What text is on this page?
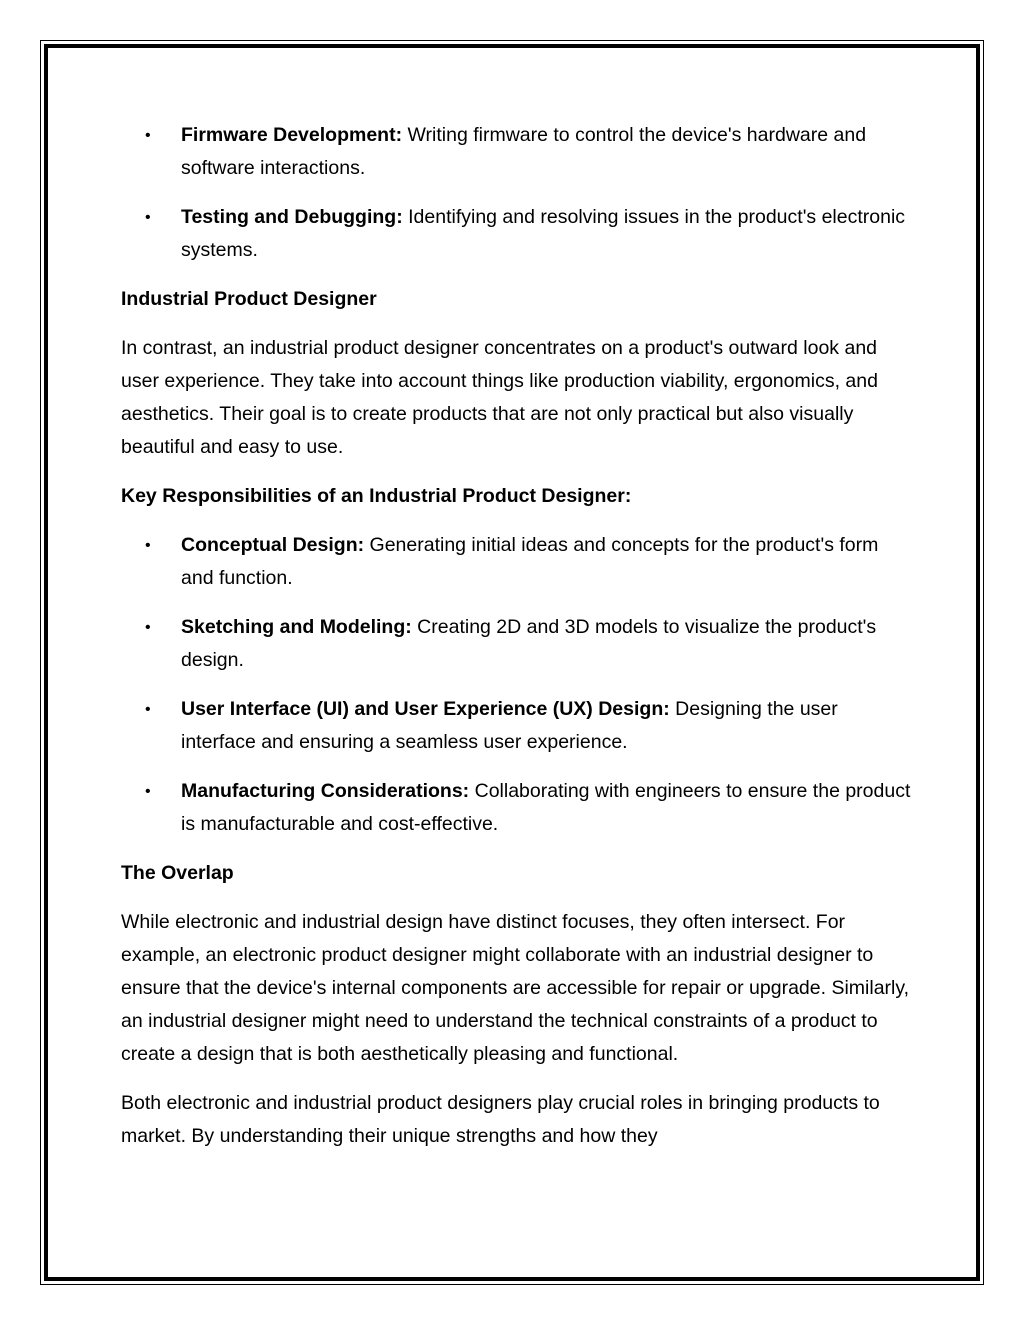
• Firmware Development: Writing firmware to control the device's hardware and software interactions.
• Testing and Debugging: Identifying and resolving issues in the product's electronic systems.
Industrial Product Designer

In contrast, an industrial product designer concentrates on a product's outward look and user experience. They take into account things like production viability, ergonomics, and aesthetics. Their goal is to create products that are not only practical but also visually beautiful and easy to use.

Key Responsibilities of an Industrial Product Designer:
• Conceptual Design: Generating initial ideas and concepts for the product's form and function.
• Sketching and Modeling: Creating 2D and 3D models to visualize the product's design.
• User Interface (UI) and User Experience (UX) Design: Designing the user interface and ensuring a seamless user experience.
• Manufacturing Considerations: Collaborating with engineers to ensure the product is manufacturable and cost-effective.
The Overlap

While electronic and industrial design have distinct focuses, they often intersect. For example, an electronic product designer might collaborate with an industrial designer to ensure that the device's internal components are accessible for repair or upgrade. Similarly, an industrial designer might need to understand the technical constraints of a product to create a design that is both aesthetically pleasing and functional.

Both electronic and industrial product designers play crucial roles in bringing products to market. By understanding their unique strengths and how they
